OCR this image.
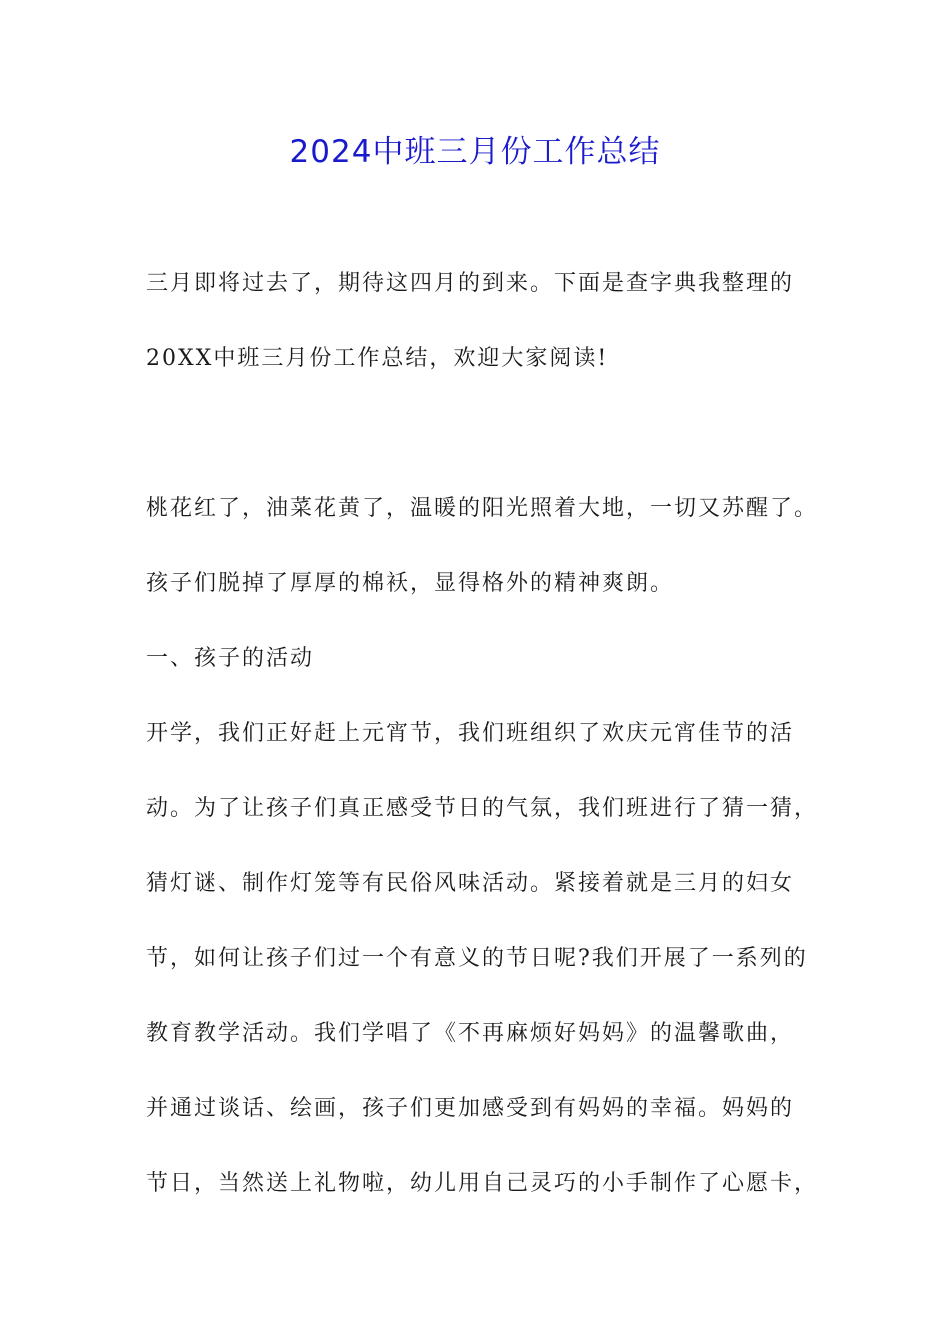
2024中班三月份工作总结
三月即将过去了，期待这四月的到来。下面是查字典我整理的
20XX中班三月份工作总结，欢迎大家阅读!
桃花红了，油菜花黄了，温暖的阳光照着大地，一切又苏醒了。
孩子们脱掉了厚厚的棉袄，显得格外的精神爽朗。
一、孩子的活动
开学，我们正好赶上元宵节，我们班组织了欢庆元宵佳节的活
动。为了让孩子们真正感受节日的气氛，我们班进行了猜一猜，
猜灯谜、制作灯笼等有民俗风味活动。紧接着就是三月的妇女
节，如何让孩子们过一个有意义的节日呢?我们开展了一系列的
教育教学活动。我们学唱了《不再麻烦好妈妈》的温馨歌曲，
并通过谈话、绘画，孩子们更加感受到有妈妈的幸福。妈妈的
节日，当然送上礼物啦，幼儿用自己灵巧的小手制作了心愿卡，
